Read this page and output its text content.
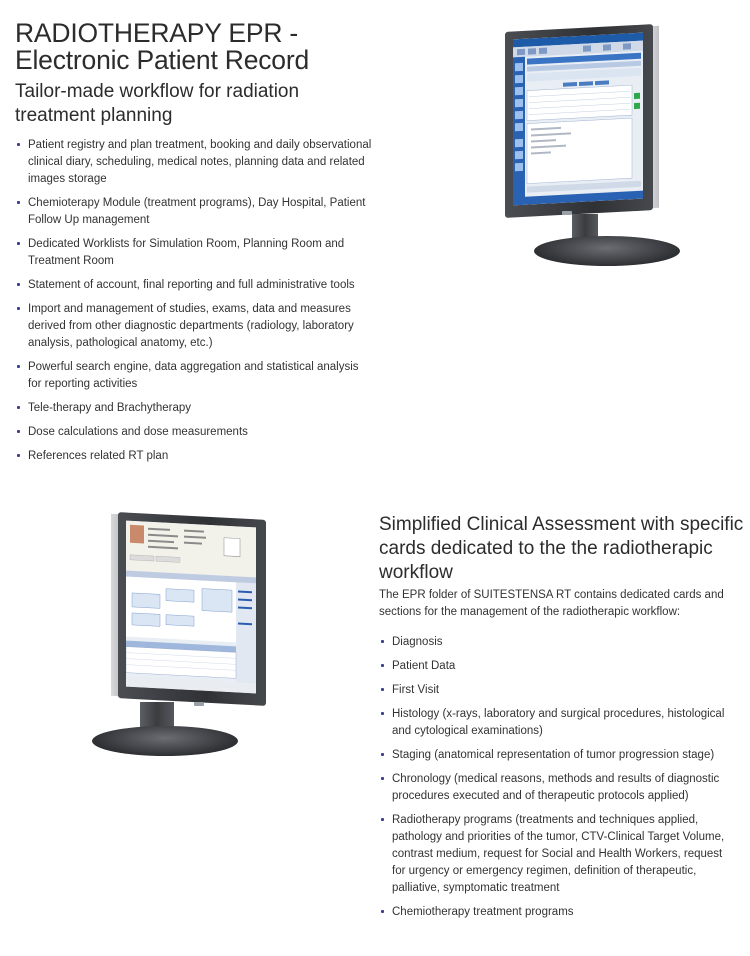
RADIOTHERAPY EPR - Electronic Patient Record
Tailor-made workflow for radiation treatment planning
Patient registry and plan treatment, booking and daily observational clinical diary, scheduling, medical notes, planning data and related images storage
Chemioterapy Module (treatment programs), Day Hospital, Patient Follow Up management
Dedicated Worklists for Simulation Room, Planning Room and Treatment Room
Statement of account, final reporting and full administrative tools
Import and management of studies, exams, data and measures derived from other diagnostic departments (radiology, laboratory analysis, pathological anatomy, etc.)
Powerful search engine, data aggregation and statistical analysis for reporting activities
Tele-therapy and Brachytherapy
Dose calculations and dose measurements
References related RT plan
Simplified Clinical Assessment with specific cards dedicated to the the radiotherapic workflow

The EPR folder of SUITESTENSA RT contains dedicated cards and sections for the management of the radiotherapic workflow:

Diagnosis
Patient Data
First Visit
Histology (x-rays, laboratory and surgical procedures, histological and cytological examinations)
Staging (anatomical representation of tumor progression stage)
Chronology (medical reasons, methods and results of diagnostic procedures executed and of therapeutic protocols applied)
Radiotherapy programs (treatments and techniques applied, pathology and priorities of the tumor, CTV-Clinical Target Volume, contrast medium, request for Social and Health Workers, request for urgency or emergency regimen, definition of therapeutic, palliative, symptomatic treatment
Chemiotherapy treatment programs
